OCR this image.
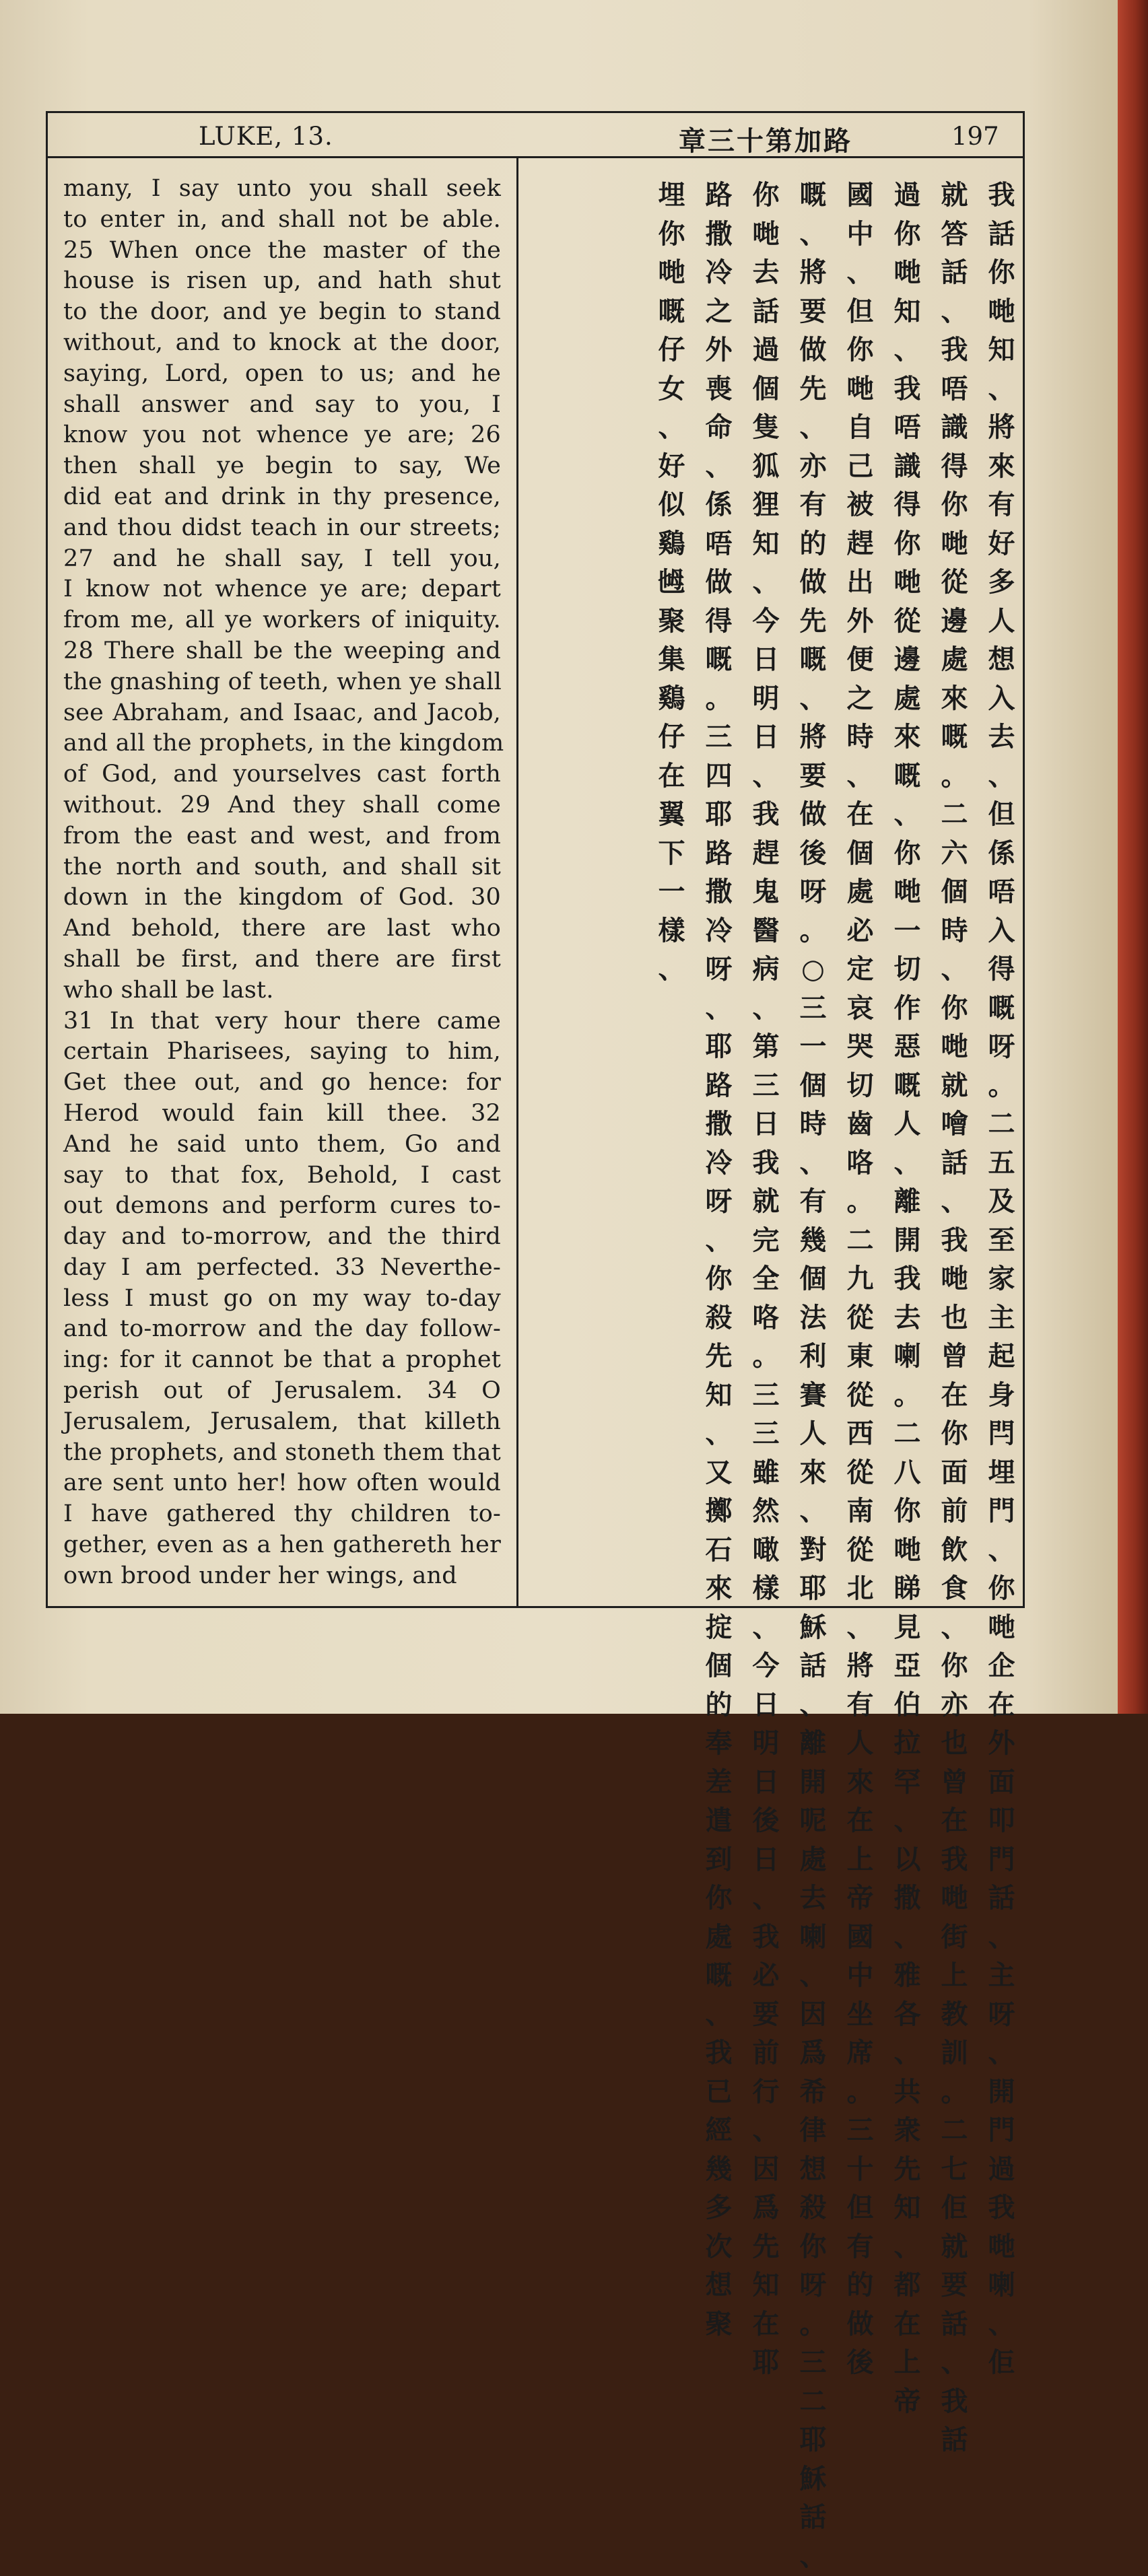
LUKE, 13.	章三十第加路	197
many, I say unto you shall seek
to enter in, and shall not be able.
25 When once the master of the
house is risen up, and hath shut
to the door, and ye begin to stand
without, and to knock at the door,
saying, Lord, open to us; and he
shall answer and say to you, I
know you not whence ye are; 26
then shall ye begin to say, We
did eat and drink in thy presence,
and thou didst teach in our streets;
27 and he shall say, I tell you,
I know not whence ye are; depart
from me, all ye workers of iniquity.
28 There shall be the weeping and
the gnashing of teeth, when ye shall
see Abraham, and Isaac, and Jacob,
and all the prophets, in the kingdom
of God, and yourselves cast forth
without. 29 And they shall come
from the east and west, and from
the north and south, and shall sit
down in the kingdom of God. 30
And behold, there are last who
shall be first, and there are first
who shall be last.
31 In that very hour there came
certain Pharisees, saying to him,
Get thee out, and go hence: for
Herod would fain kill thee. 32
And he said unto them, Go and
say to that fox, Behold, I cast
out demons and perform cures to-
day and to-morrow, and the third
day I am perfected. 33 Neverthe-
less I must go on my way to-day
and to-morrow and the day follow-
ing: for it cannot be that a prophet
perish out of Jerusalem. 34 O
Jerusalem, Jerusalem, that killeth
the prophets, and stoneth them that
are sent unto her! how often would
I have gathered thy children to-
gether, even as a hen gathereth her
own brood under her wings, and
我
話
你
哋
知
、
將
來
有
好
多
人
想
入
去
、
但
係
唔
入
得
嘅
呀
。
二
五
及
至
家
主
起
身
閂
埋
門
、
你
哋
企
在
外
面
叩
門
話
、
主
呀
、
開
門
過
我
哋
喇
、
佢
就
答
話
、
我
唔
識
得
你
哋
從
邊
處
來
嘅
。
二
六
個
時
、
你
哋
就
噲
話
、
我
哋
也
曾
在
你
面
前
飲
食
、
你
亦
也
曾
在
我
哋
街
上
教
訓
。
二
七
佢
就
要
話
、
我
話
過
你
哋
知
、
我
唔
識
得
你
哋
從
邊
處
來
嘅
、
你
哋
一
切
作
惡
嘅
人
、
離
開
我
去
喇
。
二
八
你
哋
睇
見
亞
伯
拉
罕
、
以
撒
、
雅
各
、
共
衆
先
知
、
都
在
上
帝
國
中
、
但
你
哋
自
己
被
趕
出
外
便
之
時
、
在
個
處
必
定
哀
哭
切
齒
咯
。
二
九
從
東
從
西
從
南
從
北
、
將
有
人
來
在
上
帝
國
中
坐
席
。
三
十
但
有
的
做
後
嘅
、
將
要
做
先
、
亦
有
的
做
先
嘅
、
將
要
做
後
呀
。
○
三
一
個
時
、
有
幾
個
法
利
賽
人
來
、
對
耶
穌
話
、
離
開
呢
處
去
喇
、
因
爲
希
律
想
殺
你
呀
。
三
二
耶
穌
話
、
你
哋
去
話
過
個
隻
狐
狸
知
、
今
日
明
日
、
我
趕
鬼
醫
病
、
第
三
日
我
就
完
全
咯
。
三
三
雖
然
噉
樣
、
今
日
明
日
後
日
、
我
必
要
前
行
、
因
爲
先
知
在
耶
路
撒
冷
之
外
喪
命
、
係
唔
做
得
嘅
。
三
四
耶
路
撒
冷
呀
、
耶
路
撒
冷
呀
、
你
殺
先
知
、
又
擲
石
來
掟
個
的
奉
差
遣
到
你
處
嘅
、
我
已
經
幾
多
次
想
聚
埋
你
哋
嘅
仔
女
、
好
似
鷄
乸
聚
集
鷄
仔
在
翼
下
一
樣
、
